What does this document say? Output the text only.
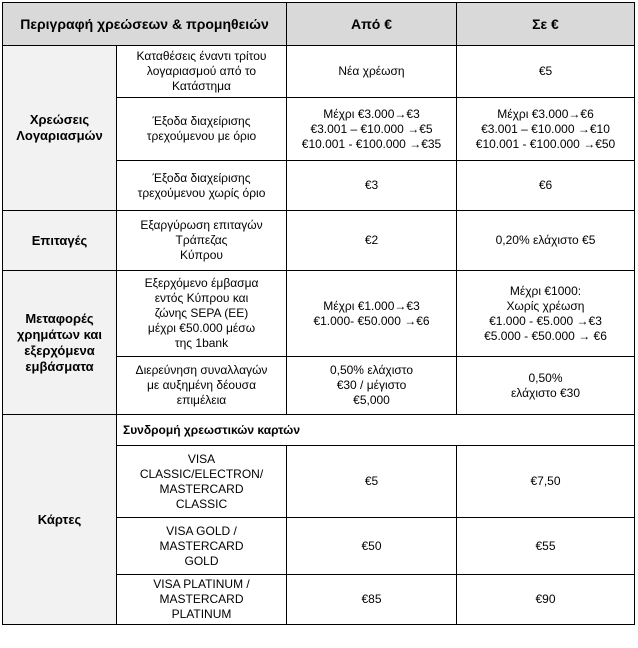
Περιγραφή χρεώσεων & προμηθειών		Από €	Σε €

Χρεώσεις
Λογαριασμών	Καταθέσεις έναντι τρίτου
λογαριασμού από το
Κατάστημα	Νέα χρέωση	€5

	Έξοδα διαχείρισης
τρεχούμενου με όριο	Μέχρι €3.000→€3
€3.001 – €10.000 →€5
€10.001 - €100.000 →€35	Μέχρι €3.000→€6
€3.001 – €10.000 →€10
€10.001 - €100.000 →€50

	Έξοδα διαχείρισης
τρεχούμενου χωρίς όριο	€3	€6

Επιταγές	Εξαργύρωση επιταγών
Τράπεζας
Κύπρου	€2	0,20% ελάχιστο €5

Μεταφορές
χρημάτων και
εξερχόμενα
εμβάσματα	Εξερχόμενο έμβασμα
εντός Κύπρου και
ζώνης SEPA (ΕΕ)
μέχρι €50.000 μέσω
της 1bank	Μέχρι €1.000→€3
€1.000- €50.000 →€6	Μέχρι €1000:
Χωρίς χρέωση
€1.000 - €5.000 →€3
€5.000 - €50.000 → €6

	Διερεύνηση συναλλαγών
με αυξημένη δέουσα
επιμέλεια	0,50% ελάχιστο
€30 / μέγιστο
€5,000	0,50%
ελάχιστο €30

Κάρτες	Συνδρομή χρεωστικών καρτών		

	VISA
CLASSIC/ELECTRON/
MASTERCARD
CLASSIC	€5	€7,50

	VISA GOLD /
MASTERCARD
GOLD	€50	€55

	VISA PLATINUM /
MASTERCARD
PLATINUM	€85	€90
